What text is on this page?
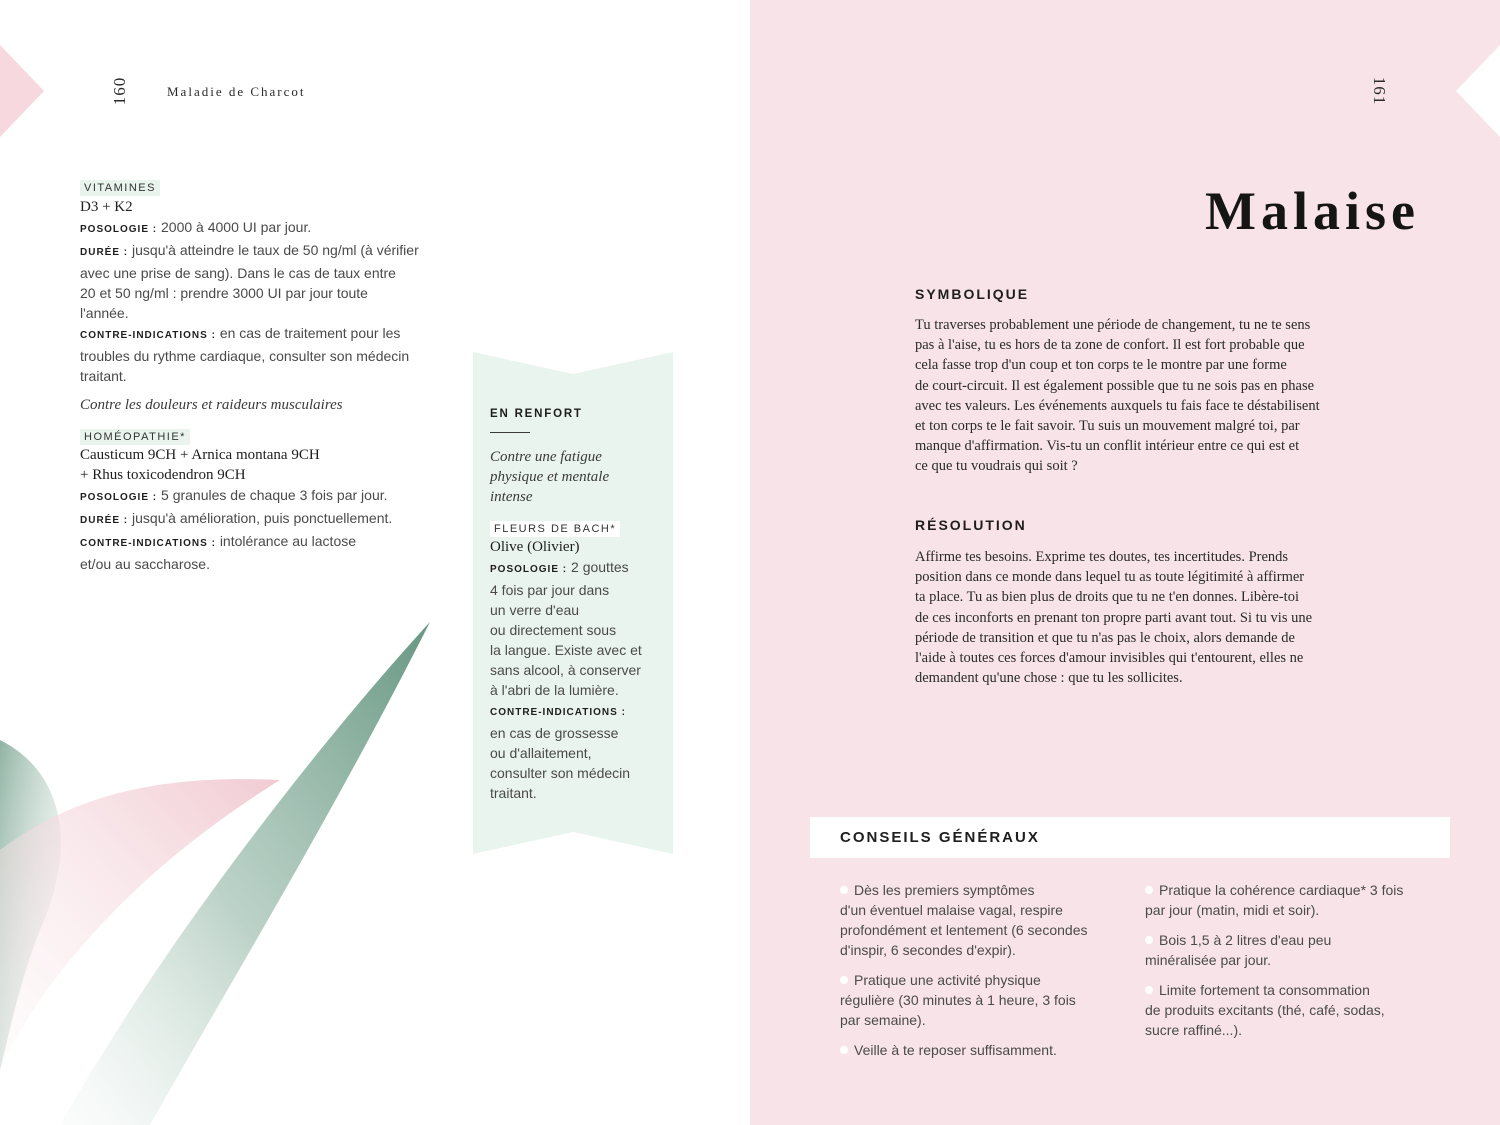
160	Maladie de Charcot
VITAMINES
D3 + K2
POSOLOGIE : 2000 à 4000 UI par jour.
DURÉE : jusqu'à atteindre le taux de 50 ng/ml (à vérifier
avec une prise de sang). Dans le cas de taux entre
20 et 50 ng/ml : prendre 3000 UI par jour toute
l'année.
CONTRE-INDICATIONS : en cas de traitement pour les
troubles du rythme cardiaque, consulter son médecin
traitant.
Contre les douleurs et raideurs musculaires
HOMÉOPATHIE*
Causticum 9CH + Arnica montana 9CH
+ Rhus toxicodendron 9CH
POSOLOGIE : 5 granules de chaque 3 fois par jour.
DURÉE : jusqu'à amélioration, puis ponctuellement.
CONTRE-INDICATIONS : intolérance au lactose
et/ou au saccharose.
EN RENFORT
Contre une fatigue
physique et mentale
intense
FLEURS DE BACH*
Olive (Olivier)
POSOLOGIE : 2 gouttes
4 fois par jour dans
un verre d'eau
ou directement sous
la langue. Existe avec et
sans alcool, à conserver
à l'abri de la lumière.
CONTRE-INDICATIONS :
en cas de grossesse
ou d'allaitement,
consulter son médecin
traitant.
161
Malaise
SYMBOLIQUE
Tu traverses probablement une période de changement, tu ne te sens
pas à l'aise, tu es hors de ta zone de confort. Il est fort probable que
cela fasse trop d'un coup et ton corps te le montre par une forme
de court-circuit. Il est également possible que tu ne sois pas en phase
avec tes valeurs. Les événements auxquels tu fais face te déstabilisent
et ton corps te le fait savoir. Tu suis un mouvement malgré toi, par
manque d'affirmation. Vis-tu un conflit intérieur entre ce qui est et
ce que tu voudrais qui soit ?
RÉSOLUTION
Affirme tes besoins. Exprime tes doutes, tes incertitudes. Prends
position dans ce monde dans lequel tu as toute légitimité à affirmer
ta place. Tu as bien plus de droits que tu ne t'en donnes. Libère-toi
de ces inconforts en prenant ton propre parti avant tout. Si tu vis une
période de transition et que tu n'as pas le choix, alors demande de
l'aide à toutes ces forces d'amour invisibles qui t'entourent, elles ne
demandent qu'une chose : que tu les sollicites.
CONSEILS GÉNÉRAUX
Dès les premiers symptômes
d'un éventuel malaise vagal, respire
profondément et lentement (6 secondes
d'inspir, 6 secondes d'expir).
Pratique une activité physique
régulière (30 minutes à 1 heure, 3 fois
par semaine).
Veille à te reposer suffisamment.
Pratique la cohérence cardiaque* 3 fois
par jour (matin, midi et soir).
Bois 1,5 à 2 litres d'eau peu
minéralisée par jour.
Limite fortement ta consommation
de produits excitants (thé, café, sodas,
sucre raffiné...).
